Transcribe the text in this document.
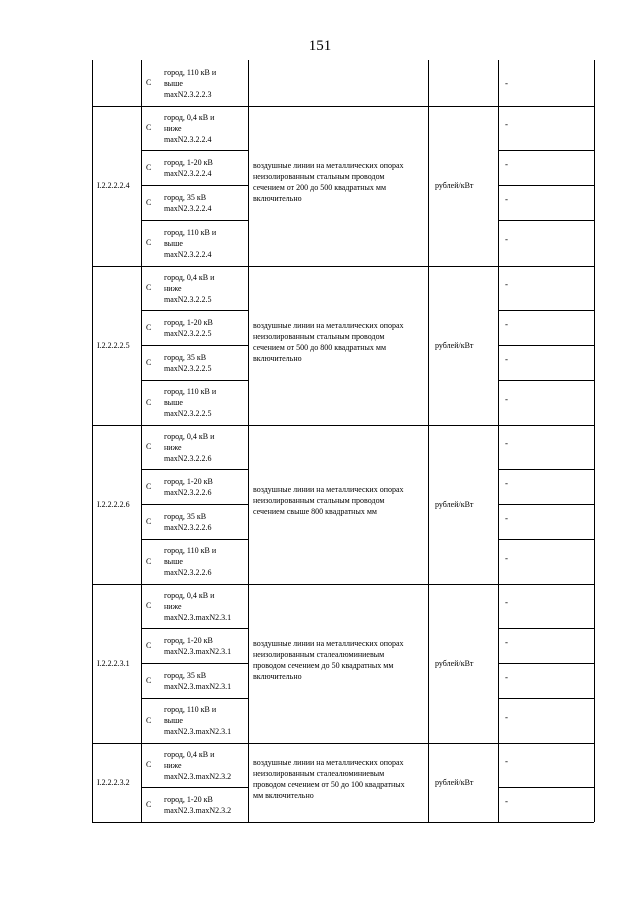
151
С
город, 110 кВ и
выше
maxN2.3.2.2.3
-
I.2.2.2.2.4
воздушные линии на металлических опорах
неизолированным стальным проводом
сечением от 200 до 500 квадратных мм
включительно
рублей/кВт
С
город, 0,4 кВ и
ниже
maxN2.3.2.2.4
-
С
город, 1-20 кВ
maxN2.3.2.2.4
-
С
город, 35 кВ
maxN2.3.2.2.4
-
С
город, 110 кВ и
выше
maxN2.3.2.2.4
-
I.2.2.2.2.5
воздушные линии на металлических опорах
неизолированным стальным проводом
сечением от 500 до 800 квадратных мм
включительно
рублей/кВт
С
город, 0,4 кВ и
ниже
maxN2.3.2.2.5
-
С
город, 1-20 кВ
maxN2.3.2.2.5
-
С
город, 35 кВ
maxN2.3.2.2.5
-
С
город, 110 кВ и
выше
maxN2.3.2.2.5
-
I.2.2.2.2.6
воздушные линии на металлических опорах
неизолированным стальным проводом
сечением свыше 800 квадратных мм
рублей/кВт
С
город, 0,4 кВ и
ниже
maxN2.3.2.2.6
-
С
город, 1-20 кВ
maxN2.3.2.2.6
-
С
город, 35 кВ
maxN2.3.2.2.6
-
С
город, 110 кВ и
выше
maxN2.3.2.2.6
-
I.2.2.2.3.1
воздушные линии на металлических опорах
неизолированным сталеалюминиевым
проводом сечением до 50 квадратных мм
включительно
рублей/кВт
С
город, 0,4 кВ и
ниже
maxN2.3.maxN2.3.1
-
С
город, 1-20 кВ
maxN2.3.maxN2.3.1
-
С
город, 35 кВ
maxN2.3.maxN2.3.1
-
С
город, 110 кВ и
выше
maxN2.3.maxN2.3.1
-
I.2.2.2.3.2
воздушные линии на металлических опорах
неизолированным сталеалюминиевым
проводом сечением от 50 до 100 квадратных
мм включительно
рублей/кВт
С
город, 0,4 кВ и
ниже
maxN2.3.maxN2.3.2
-
С
город, 1-20 кВ
maxN2.3.maxN2.3.2
-
